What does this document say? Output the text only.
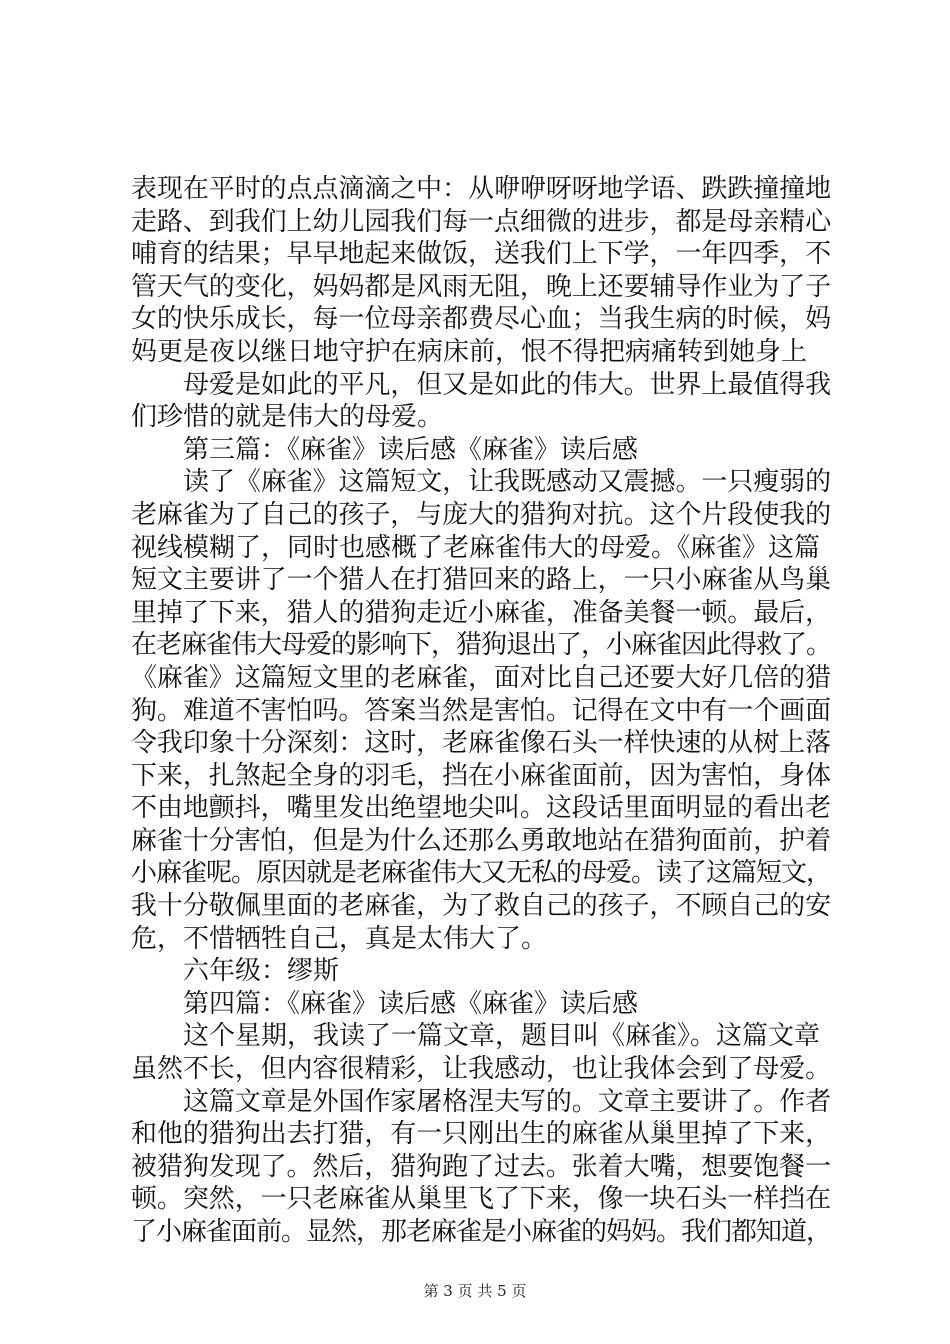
表现在平时的点点滴滴之中：从咿咿呀呀地学语、跌跌撞撞地
走路、到我们上幼儿园我们每一点细微的进步，都是母亲精心
哺育的结果；早早地起来做饭，送我们上下学，一年四季，不
管天气的变化，妈妈都是风雨无阻，晚上还要辅导作业为了子
女的快乐成长，每一位母亲都费尽心血；当我生病的时候，妈
妈更是夜以继日地守护在病床前，恨不得把病痛转到她身上
母爱是如此的平凡，但又是如此的伟大。世界上最值得我
们珍惜的就是伟大的母爱。
第三篇：《麻雀》读后感《麻雀》读后感
读了《麻雀》这篇短文，让我既感动又震撼。一只瘦弱的
老麻雀为了自己的孩子，与庞大的猎狗对抗。这个片段使我的
视线模糊了，同时也感概了老麻雀伟大的母爱。《麻雀》这篇
短文主要讲了一个猎人在打猎回来的路上，一只小麻雀从鸟巢
里掉了下来，猎人的猎狗走近小麻雀，准备美餐一顿。最后，
在老麻雀伟大母爱的影响下，猎狗退出了，小麻雀因此得救了。
《麻雀》这篇短文里的老麻雀，面对比自己还要大好几倍的猎
狗。难道不害怕吗。答案当然是害怕。记得在文中有一个画面
令我印象十分深刻：这时，老麻雀像石头一样快速的从树上落
下来，扎煞起全身的羽毛，挡在小麻雀面前，因为害怕，身体
不由地颤抖，嘴里发出绝望地尖叫。这段话里面明显的看出老
麻雀十分害怕，但是为什么还那么勇敢地站在猎狗面前，护着
小麻雀呢。原因就是老麻雀伟大又无私的母爱。读了这篇短文，
我十分敬佩里面的老麻雀，为了救自己的孩子，不顾自己的安
危，不惜牺牲自己，真是太伟大了。
六年级：缪斯
第四篇：《麻雀》读后感《麻雀》读后感
这个星期，我读了一篇文章，题目叫《麻雀》。这篇文章
虽然不长，但内容很精彩，让我感动，也让我体会到了母爱。
这篇文章是外国作家屠格涅夫写的。文章主要讲了。作者
和他的猎狗出去打猎，有一只刚出生的麻雀从巢里掉了下来，
被猎狗发现了。然后，猎狗跑了过去。张着大嘴，想要饱餐一
顿。突然，一只老麻雀从巢里飞了下来，像一块石头一样挡在
了小麻雀面前。显然，那老麻雀是小麻雀的妈妈。我们都知道，
第 3 页 共 5 页
